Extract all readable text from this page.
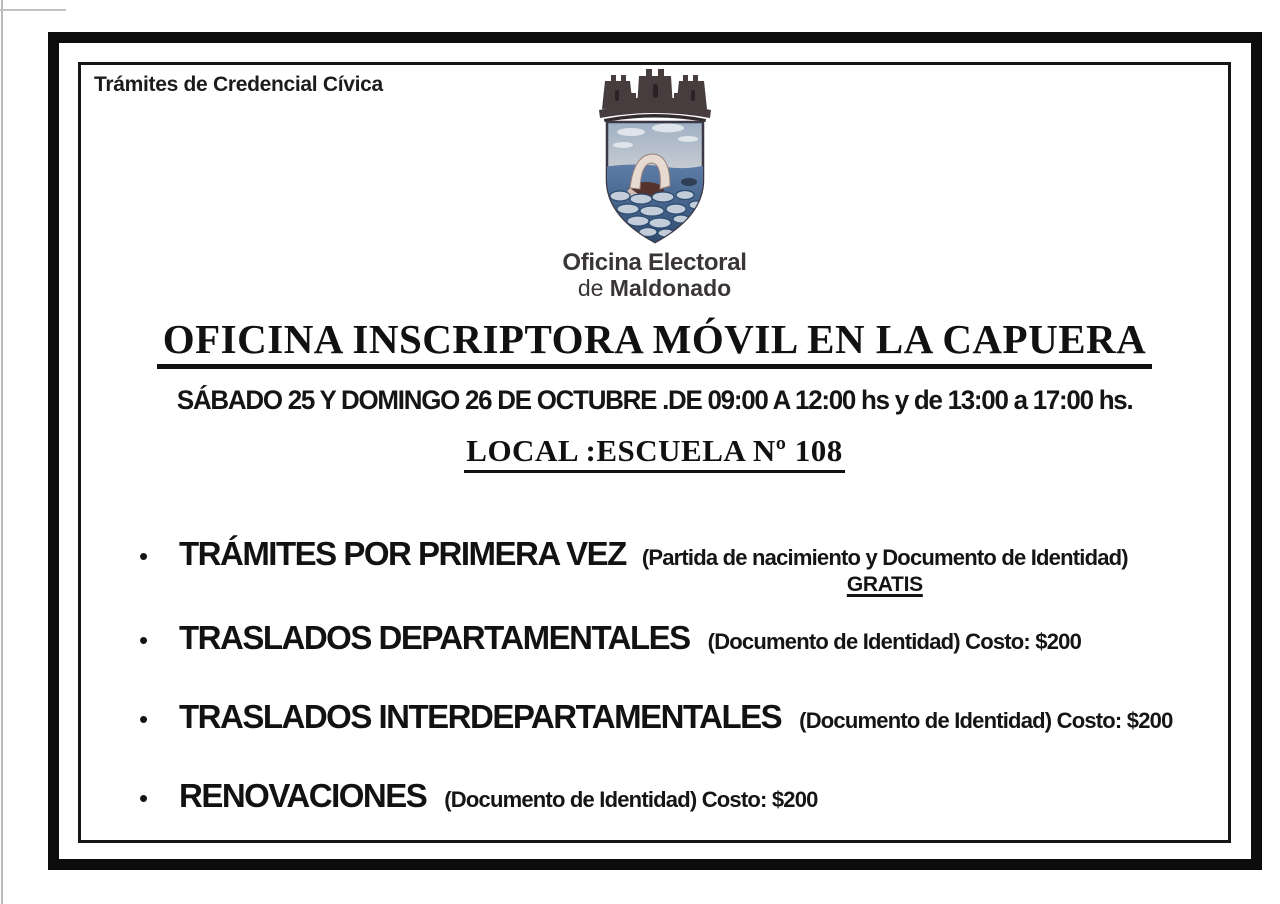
Trámites de Credencial Cívica
Oficina Electoral
de Maldonado
OFICINA INSCRIPTORA MÓVIL EN LA CAPUERA
SÁBADO 25 Y DOMINGO 26 DE OCTUBRE .DE 09:00 A 12:00 hs y de 13:00 a 17:00 hs.
LOCAL :ESCUELA Nº 108
• TRÁMITES POR PRIMERA VEZ (Partida de nacimiento y Documento de Identidad)
GRATIS
• TRASLADOS DEPARTAMENTALES (Documento de Identidad) Costo: $200
• TRASLADOS INTERDEPARTAMENTALES (Documento de Identidad) Costo: $200
• RENOVACIONES (Documento de Identidad) Costo: $200
